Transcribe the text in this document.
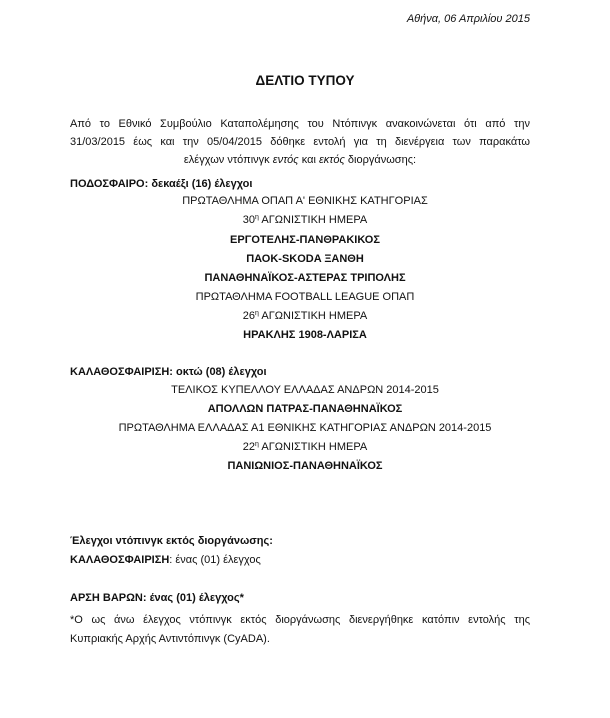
Αθήνα, 06 Απριλίου 2015
ΔΕΛΤΙΟ ΤΥΠΟΥ

Από το Εθνικό Συμβούλιο Καταπολέμησης του Ντόπινγκ ανακοινώνεται ότι από την

31/03/2015 έως και την 05/04/2015 δόθηκε εντολή για τη διενέργεια των παρακάτω

ελέγχων ντόπινγκ εντός και εκτός διοργάνωσης:

ΠΟΔΟΣΦΑΙΡΟ: δεκαέξι (16) έλεγχοι
ΠΡΩΤΑΘΛΗΜΑ ΟΠΑΠ Α' ΕΘΝΙΚΗΣ ΚΑΤΗΓΟΡΙΑΣ
$30^\eta$ ΑΓΩΝΙΣΤΙΚΗ ΗΜΕΡΑ
ΕΡΓΟΤΕΛΗΣ-ΠΑΝΘΡΑΚΙΚΟΣ
ΠΑΟΚ-SKODA ΞΑΝΘΗ
ΠΑΝΑΘΗΝΑΪΚΟΣ-ΑΣΤΕΡΑΣ ΤΡΙΠΟΛΗΣ
ΠΡΩΤΑΘΛΗΜΑ FOOTBALL LEAGUE ΟΠΑΠ
$26^\eta$ ΑΓΩΝΙΣΤΙΚΗ ΗΜΕΡΑ
ΗΡΑΚΛΗΣ 1908-ΛΑΡΙΣΑ
ΚΑΛΑΘΟΣΦΑΙΡΙΣΗ: οκτώ (08) έλεγχοι
ΤΕΛΙΚΟΣ ΚΥΠΕΛΛΟΥ ΕΛΛΑΔΑΣ ΑΝΔΡΩΝ 2014-2015
ΑΠΟΛΛΩΝ ΠΑΤΡΑΣ-ΠΑΝΑΘΗΝΑΪΚΟΣ
ΠΡΩΤΑΘΛΗΜΑ ΕΛΛΑΔΑΣ Α1 ΕΘΝΙΚΗΣ ΚΑΤΗΓΟΡΙΑΣ ΑΝΔΡΩΝ 2014-2015
$22^\eta$ ΑΓΩΝΙΣΤΙΚΗ ΗΜΕΡΑ
ΠΑΝΙΩΝΙΟΣ-ΠΑΝΑΘΗΝΑΪΚΟΣ
Έλεγχοι ντόπινγκ εκτός διοργάνωσης:
ΚΑΛΑΘΟΣΦΑΙΡΙΣΗ: ένας (01) έλεγχος
ΑΡΣΗ ΒΑΡΩΝ: ένας (01) έλεγχος*

*Ο ως άνω έλεγχος ντόπινγκ εκτός διοργάνωσης διενεργήθηκε κατόπιν εντολής της

Κυπριακής Αρχής Αντιντόπινγκ (CyADA).
